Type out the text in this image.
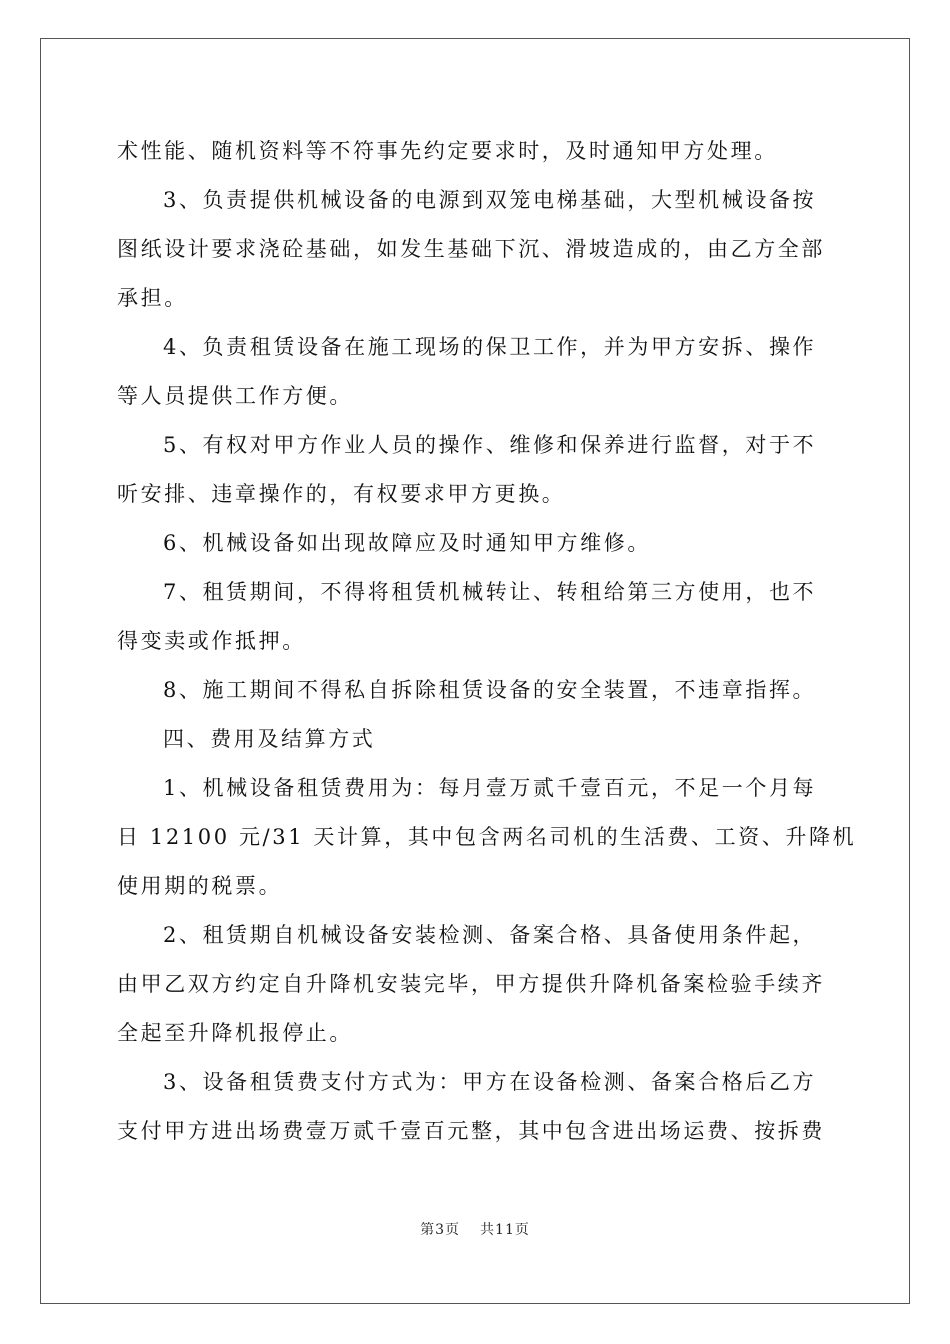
术性能、随机资料等不符事先约定要求时，及时通知甲方处理。
3、负责提供机械设备的电源到双笼电梯基础，大型机械设备按
图纸设计要求浇砼基础，如发生基础下沉、滑坡造成的，由乙方全部
承担。
4、负责租赁设备在施工现场的保卫工作，并为甲方安拆、操作
等人员提供工作方便。
5、有权对甲方作业人员的操作、维修和保养进行监督，对于不
听安排、违章操作的，有权要求甲方更换。
6、机械设备如出现故障应及时通知甲方维修。
7、租赁期间，不得将租赁机械转让、转租给第三方使用，也不
得变卖或作抵押。
8、施工期间不得私自拆除租赁设备的安全装置，不违章指挥。
四、费用及结算方式
1、机械设备租赁费用为：每月壹万贰千壹百元，不足一个月每
日 12100 元/31 天计算，其中包含两名司机的生活费、工资、升降机
使用期的税票。
2、租赁期自机械设备安装检测、备案合格、具备使用条件起，
由甲乙双方约定自升降机安装完毕，甲方提供升降机备案检验手续齐
全起至升降机报停止。
3、设备租赁费支付方式为：甲方在设备检测、备案合格后乙方
支付甲方进出场费壹万贰千壹百元整，其中包含进出场运费、按拆费
第3页 共11页
